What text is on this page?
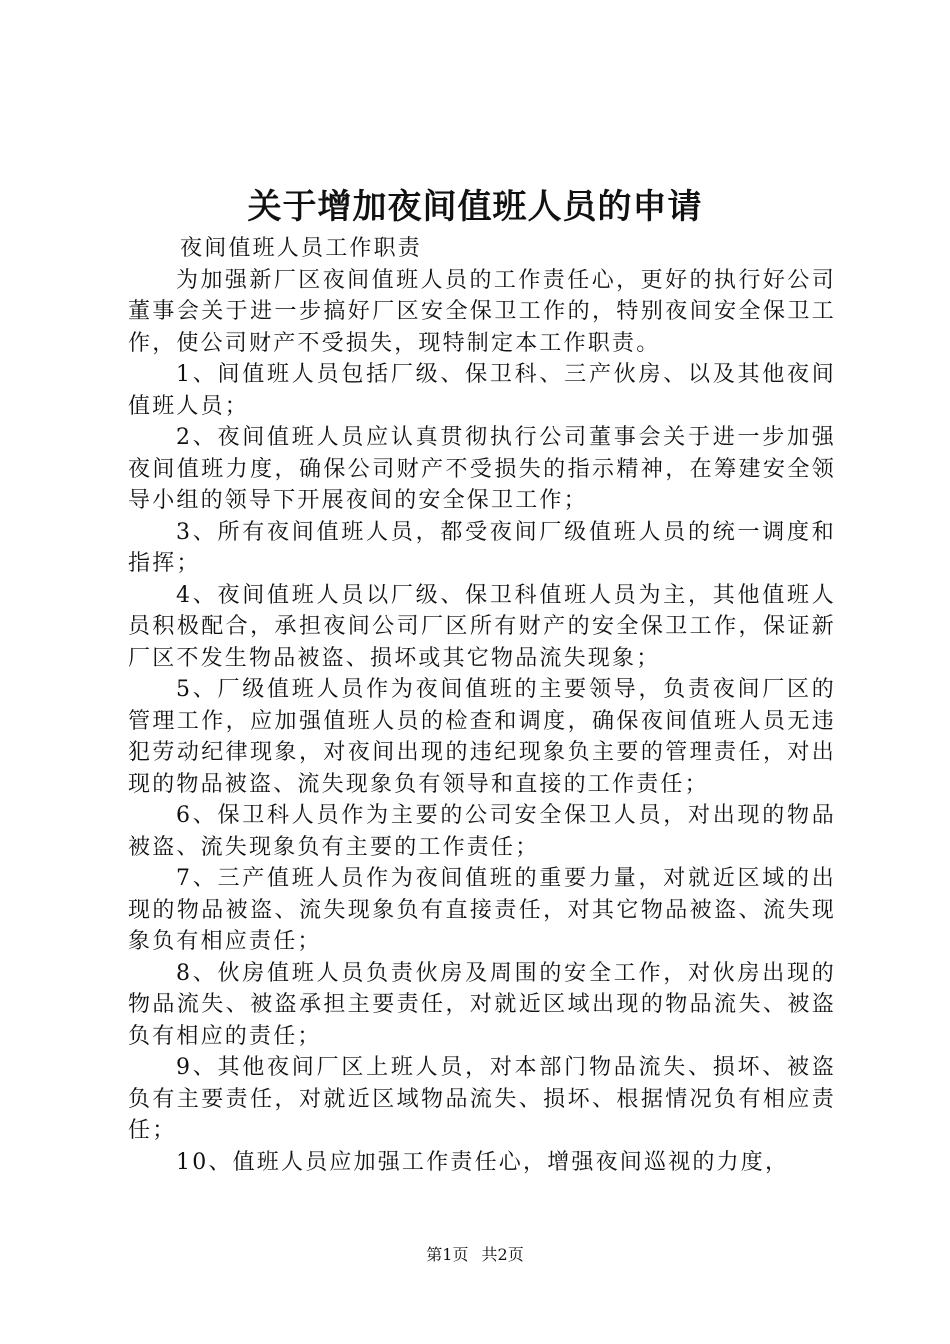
关于增加夜间值班人员的申请

夜间值班人员工作职责

为加强新厂区夜间值班人员的工作责任心，更好的执行好公司董事会关于进一步搞好厂区安全保卫工作的，特别夜间安全保卫工作，使公司财产不受损失，现特制定本工作职责。

1、间值班人员包括厂级、保卫科、三产伙房、以及其他夜间值班人员；

2、夜间值班人员应认真贯彻执行公司董事会关于进一步加强夜间值班力度，确保公司财产不受损失的指示精神，在筹建安全领导小组的领导下开展夜间的安全保卫工作；

3、所有夜间值班人员，都受夜间厂级值班人员的统一调度和指挥；

4、夜间值班人员以厂级、保卫科值班人员为主，其他值班人员积极配合，承担夜间公司厂区所有财产的安全保卫工作，保证新厂区不发生物品被盗、损坏或其它物品流失现象；

5、厂级值班人员作为夜间值班的主要领导，负责夜间厂区的管理工作，应加强值班人员的检查和调度，确保夜间值班人员无违犯劳动纪律现象，对夜间出现的违纪现象负主要的管理责任，对出现的物品被盗、流失现象负有领导和直接的工作责任；

6、保卫科人员作为主要的公司安全保卫人员，对出现的物品被盗、流失现象负有主要的工作责任；

7、三产值班人员作为夜间值班的重要力量，对就近区域的出现的物品被盗、流失现象负有直接责任，对其它物品被盗、流失现象负有相应责任；

8、伙房值班人员负责伙房及周围的安全工作，对伙房出现的物品流失、被盗承担主要责任，对就近区域出现的物品流失、被盗负有相应的责任；

9、其他夜间厂区上班人员，对本部门物品流失、损坏、被盗负有主要责任，对就近区域物品流失、损坏、根据情况负有相应责任；

10、值班人员应加强工作责任心，增强夜间巡视的力度，

第1页 共2页
